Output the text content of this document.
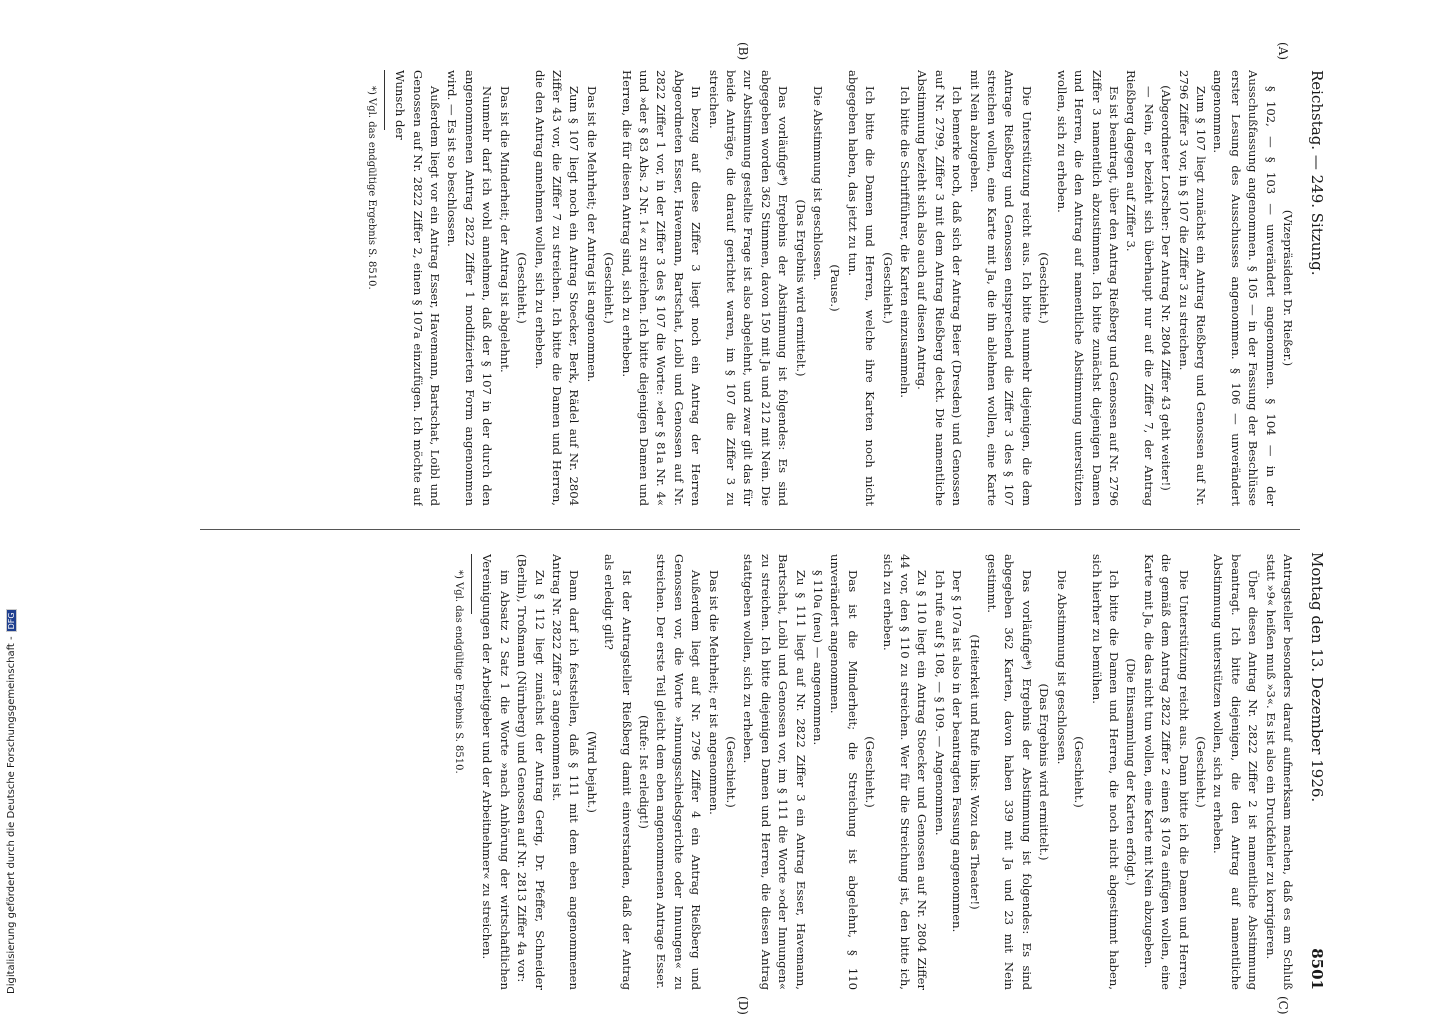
Reichstag. — 249. Sitzung.
Montag den 13. Dezember 1926.
8501
(A)
(B)
(C)
(D)

(Vizepräsident Dr. Rießer.)

§ 102, — § 103 — unverändert angenommen. § 104 — in der Ausschußfassung angenommen. § 105 — in der Fassung der Beschlüsse erster Lesung des Ausschusses angenommen. § 106 — unverändert angenommen.

Zum § 107 liegt zunächst ein Antrag Rießberg und Genossen auf Nr. 2796 Ziffer 3 vor, in § 107 die Ziffer 3 zu streichen.

(Abgeordneter Lorscher: Der Antrag Nr. 2804 Ziffer 43 geht weiter!)

— Nein, er bezieht sich überhaupt nur auf die Ziffer 7, der Antrag Rießberg dagegen auf Ziffer 3.

Es ist beantragt, über den Antrag Rießberg und Genossen auf Nr. 2796 Ziffer 3 namentlich abzustimmen. Ich bitte zunächst diejenigen Damen und Herren, die den Antrag auf namentliche Abstimmung unterstützen wollen, sich zu erheben.

(Geschieht.)

Die Unterstützung reicht aus. Ich bitte nunmehr diejenigen, die dem Antrage Rießberg und Genossen entsprechend die Ziffer 3 des § 107 streichen wollen, eine Karte mit Ja, die ihn ablehnen wollen, eine Karte mit Nein abzugeben.

Ich bemerke noch, daß sich der Antrag Beier (Dresden) und Genossen auf Nr. 2799, Ziffer 3 mit dem Antrag Rießberg deckt. Die namentliche Abstimmung bezieht sich also auch auf diesen Antrag.

Ich bitte die Schriftführer, die Karten einzusammeln.

(Geschieht.)

Ich bitte die Damen und Herren, welche ihre Karten noch nicht abgegeben haben, das jetzt zu tun.

(Pause.)

Die Abstimmung ist geschlossen.

(Das Ergebnis wird ermittelt.)

Das vorläufige*) Ergebnis der Abstimmung ist folgendes: Es sind abgegeben worden 362 Stimmen, davon 150 mit Ja und 212 mit Nein. Die zur Abstimmung gestellte Frage ist also abgelehnt, und zwar gilt das für beide Anträge, die darauf gerichtet waren, im § 107 die Ziffer 3 zu streichen.

In bezug auf diese Ziffer 3 liegt noch ein Antrag der Herren Abgeordneten Esser, Havemann, Bartschat, Loibl und Genossen auf Nr. 2822 Ziffer 1 vor, in der Ziffer 3 des § 107 die Worte: »der § 81a Nr. 4« und »der § 83 Abs. 2 Nr. 1« zu streichen. Ich bitte diejenigen Damen und Herren, die für diesen Antrag sind, sich zu erheben.

(Geschieht.)

Das ist die Mehrheit; der Antrag ist angenommen.

Zum § 107 liegt noch ein Antrag Stoecker, Berk, Rädel auf Nr. 2804 Ziffer 43 vor, die Ziffer 7 zu streichen. Ich bitte die Damen und Herren, die den Antrag annehmen wollen, sich zu erheben.

(Geschieht.)

Das ist die Minderheit; der Antrag ist abgelehnt.

Nunmehr darf ich wohl annehmen, daß der § 107 in der durch den angenommenen Antrag 2822 Ziffer 1 modifizierten Form angenommen wird. — Es ist so beschlossen.

Außerdem liegt vor ein Antrag Esser, Havemann, Bartschat, Loibl und Genossen auf Nr. 2822 Ziffer 2, einen § 107a einzufügen. Ich möchte auf Wunsch der

*) Vgl. das endgültige Ergebnis S. 8510.

Antragsteller besonders darauf aufmerksam machen, daß es am Schluß statt »9« heißen muß »3«. Es ist also ein Druckfehler zu korrigieren.

Über diesen Antrag Nr. 2822 Ziffer 2 ist namentliche Abstimmung beantragt. Ich bitte diejenigen, die den Antrag auf namentliche Abstimmung unterstützen wollen, sich zu erheben.

(Geschieht.)

Die Unterstützung reicht aus. Dann bitte ich die Damen und Herren, die gemäß dem Antrag 2822 Ziffer 2 einen § 107a einfügen wollen, eine Karte mit Ja, die das nicht tun wollen, eine Karte mit Nein abzugeben.

(Die Einsammlung der Karten erfolgt.)

Ich bitte die Damen und Herren, die noch nicht abgestimmt haben, sich hierher zu bemühen.

(Geschieht.)

Die Abstimmung ist geschlossen.

(Das Ergebnis wird ermittelt.)

Das vorläufige*) Ergebnis der Abstimmung ist folgendes: Es sind abgegeben 362 Karten, davon haben 339 mit Ja und 23 mit Nein gestimmt.

(Heiterkeit und Rufe links: Wozu das Theater!)

Der § 107a ist also in der beantragten Fassung angenommen.

Ich rufe auf § 108, — § 109. — Angenommen.

Zu § 110 liegt ein Antrag Stoecker und Genossen auf Nr. 2804 Ziffer 44 vor, den § 110 zu streichen. Wer für die Streichung ist, den bitte ich, sich zu erheben.

(Geschieht.)

Das ist die Minderheit; die Streichung ist abgelehnt, § 110 unverändert angenommen.

§ 110a (neu) — angenommen.

Zu § 111 liegt auf Nr. 2822 Ziffer 3 ein Antrag Esser, Havemann, Bartschat, Loibl und Genossen vor, im § 111 die Worte »oder Innungen« zu streichen. Ich bitte diejenigen Damen und Herren, die diesen Antrag stattgeben wollen, sich zu erheben.

(Geschieht.)

Das ist die Mehrheit; er ist angenommen.

Außerdem liegt auf Nr. 2796 Ziffer 4 ein Antrag Rießberg und Genossen vor, die Worte »Innungsschiedsgerichte oder Innungen« zu streichen. Der erste Teil gleicht dem eben angenommenen Antrage Esser.

(Rufe: Ist erledigt!)

Ist der Antragsteller Rießberg damit einverstanden, daß der Antrag als erledigt gilt?

(Wird bejaht.)

Dann darf ich feststellen, daß § 111 mit dem eben angenommenen Antrag Nr. 2822 Ziffer 3 angenommen ist.

Zu § 112 liegt zunächst der Antrag Gerig, Dr. Pfeffer, Schneider (Berlin), Troßmann (Nürnberg) und Genossen auf Nr. 2813 Ziffer 4a vor:

im Absatz 2 Satz 1 die Worte »nach Anhörung der wirtschaftlichen Vereinigungen der Arbeitgeber und der Arbeitnehmer« zu streichen.

*) Vgl. das endgültige Ergebnis S. 8510.

Digitalisierung gefördert durch die Deutsche Forschungsgemeinschaft -
DFG
